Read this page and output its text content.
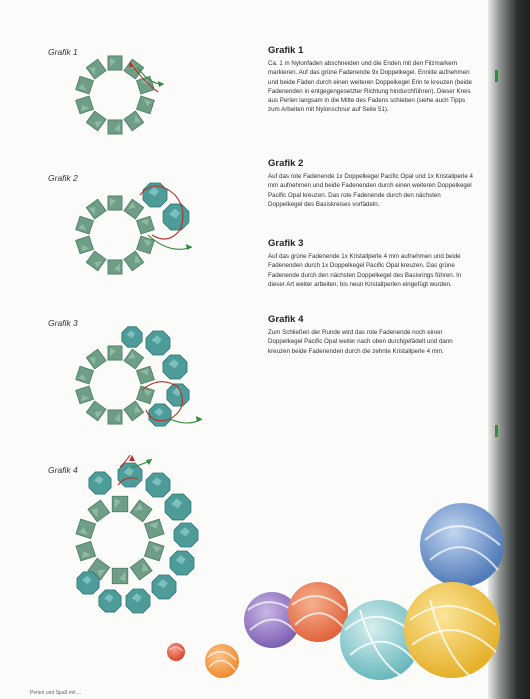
Grafik 1
Grafik 2
Grafik 3
Grafik 4
Grafik 1

Ca. 1 m Nylonfaden abschneiden und die Enden mit den Filzmarkern markieren. Auf das grüne Fadenende 9x Doppelkegel. Enniite aufnehmen und beide Fäden durch einen weiteren Doppelkegel Erin te kreuzen (beide Fadenenden in entgegengesetzter Richtung hindurchführen). Dieser Kreis aus Perlen langsam in die Mitte des Fadens schieben (siehe auch Tipps zum Arbeiten mit Nylonschnur auf Seite 51).

Grafik 2

Auf das rote Fadenende 1x Doppelkegel Pacific Opal und 1x Kristallperle 4 mm aufnehmen und beide Fadenenden durch einen weiteren Doppelkegel Pacific Opal kreuzen. Das rote Fadenende durch den nächsten Doppelkegel des Basiskreises vorfädeln.

Grafik 3

Auf das grüne Fadenende 1x Kristallperle 4 mm aufnehmen und beide Fadenenden durch 1x Doppelkegel Pacific Opal kreuzen. Das grüne Fadenende durch den nächsten Doppelkegel des Basisrings führen. In dieser Art weiter arbeiten, bis neun Kristallperlen eingefügt wurden.

Grafik 4

Zum Schließen der Runde wird das rote Fadenende noch einen Doppelkegel Pacific Opal weiter nach oben durchgefädelt und dann kreuzen beide Fadenenden durch die zehnte Kristallperle 4 mm.

Perlen und Spaß mit ...
